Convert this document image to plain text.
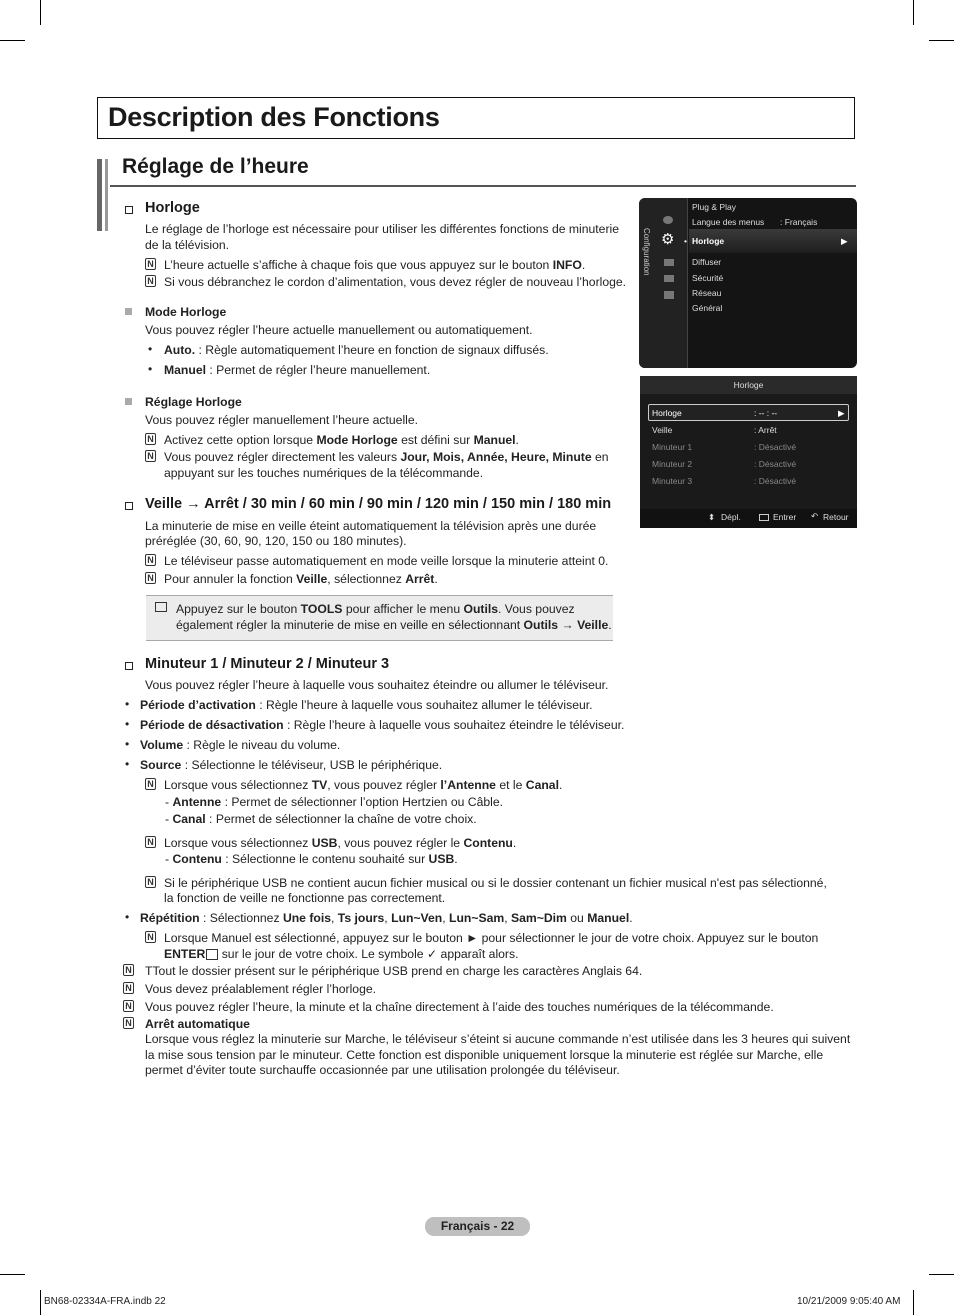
Description des Fonctions
Réglage de l’heure
Horloge
Le réglage de l’horloge est nécessaire pour utiliser les différentes fonctions de minuterie
de la télévision.
N L’heure actuelle s’affiche à chaque fois que vous appuyez sur le bouton INFO.
N Si vous débranchez le cordon d’alimentation, vous devez régler de nouveau l’horloge.
Mode Horloge
Vous pouvez régler l’heure actuelle manuellement ou automatiquement.
• Auto. : Règle automatiquement l’heure en fonction de signaux diffusés.
• Manuel : Permet de régler l’heure manuellement.
Réglage Horloge
Vous pouvez régler manuellement l’heure actuelle.
N Activez cette option lorsque Mode Horloge est défini sur Manuel.
N Vous pouvez régler directement les valeurs Jour, Mois, Année, Heure, Minute en
appuyant sur les touches numériques de la télécommande.
Veille → Arrêt / 30 min / 60 min / 90 min / 120 min / 150 min / 180 min
La minuterie de mise en veille éteint automatiquement la télévision après une durée
préréglée (30, 60, 90, 120, 150 ou 180 minutes).
N Le téléviseur passe automatiquement en mode veille lorsque la minuterie atteint 0.
N Pour annuler la fonction Veille, sélectionnez Arrêt.
Appuyez sur le bouton TOOLS pour afficher le menu Outils. Vous pouvez
également régler la minuterie de mise en veille en sélectionnant Outils → Veille.
Minuteur 1 / Minuteur 2 / Minuteur 3
Vous pouvez régler l’heure à laquelle vous souhaitez éteindre ou allumer le téléviseur.
• Période d’activation : Règle l’heure à laquelle vous souhaitez allumer le téléviseur.
• Période de désactivation : Règle l’heure à laquelle vous souhaitez éteindre le téléviseur.
• Volume : Règle le niveau du volume.
• Source : Sélectionne le téléviseur, USB le périphérique.
N Lorsque vous sélectionnez TV, vous pouvez régler l’Antenne et le Canal.
- Antenne : Permet de sélectionner l’option Hertzien ou Câble.
- Canal : Permet de sélectionner la chaîne de votre choix.
N Lorsque vous sélectionnez USB, vous pouvez régler le Contenu.
- Contenu : Sélectionne le contenu souhaité sur USB.
N Si le périphérique USB ne contient aucun fichier musical ou si le dossier contenant un fichier musical n'est pas sélectionné,
la fonction de veille ne fonctionne pas correctement.
• Répétition : Sélectionnez Une fois, Ts jours, Lun~Ven, Lun~Sam, Sam~Dim ou Manuel.
N Lorsque Manuel est sélectionné, appuyez sur le bouton ► pour sélectionner le jour de votre choix. Appuyez sur le bouton
ENTER sur le jour de votre choix. Le symbole ✓ apparaît alors.
N TTout le dossier présent sur le périphérique USB prend en charge les caractères Anglais 64.
N Vous devez préalablement régler l’horloge.
N Vous pouvez régler l’heure, la minute et la chaîne directement à l’aide des touches numériques de la télécommande.
N Arrêt automatique
Lorsque vous réglez la minuterie sur Marche, le téléviseur s’éteint si aucune commande n’est utilisée dans les 3 heures qui suivent
la mise sous tension par le minuteur. Cette fonction est disponible uniquement lorsque la minuterie est réglée sur Marche, elle
permet d’éviter toute surchauffe occasionnée par une utilisation prolongée du téléviseur.
Configuration ⚙
Plug & Play
Langue des menus : Français
• Horloge	▶
Diffuser
Sécurité
Réseau
Général
Horloge
Horloge	: -- : --	▶
Veille	: Arrêt
Minuteur 1	: Désactivé
Minuteur 2	: Désactivé
Minuteur 3	: Désactivé
⬍ Dépl.	Entrer ↶ Retour
Français - 22
BN68-02334A-FRA.indb 22	10/21/2009 9:05:40 AM
